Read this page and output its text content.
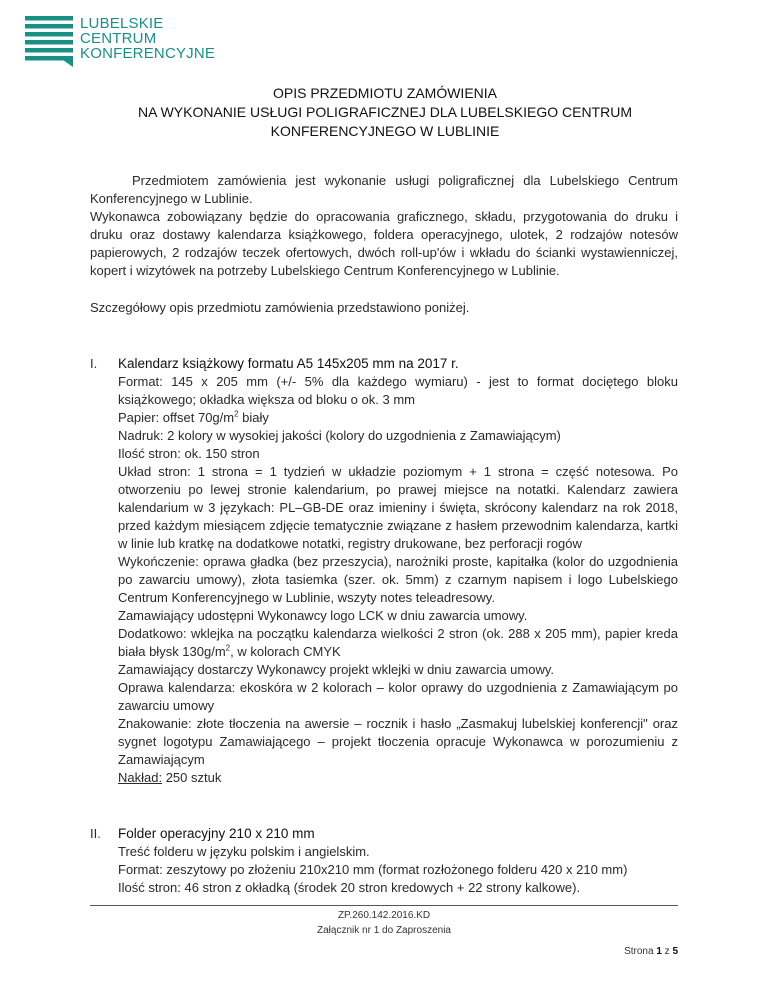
LUBELSKIE
CENTRUM
KONFERENCYJNE
OPIS PRZEDMIOTU ZAMÓWIENIA
NA WYKONANIE USŁUGI POLIGRAFICZNEJ DLA LUBELSKIEGO CENTRUM
KONFERENCYJNEGO W LUBLINIE

Przedmiotem zamówienia jest wykonanie usługi poligraficznej dla Lubelskiego Centrum Konferencyjnego w Lublinie.

Wykonawca zobowiązany będzie do opracowania graficznego, składu, przygotowania do druku i druku oraz dostawy kalendarza książkowego, foldera operacyjnego, ulotek, 2 rodzajów notesów papierowych, 2 rodzajów teczek ofertowych, dwóch roll-up'ów i wkładu do ścianki wystawienniczej, kopert i wizytówek na potrzeby Lubelskiego Centrum Konferencyjnego w Lublinie.

Szczegółowy opis przedmiotu zamówienia przedstawiono poniżej.

I. Kalendarz książkowy formatu A5 145x205 mm na 2017 r.

Format: 145 x 205 mm (+/- 5% dla każdego wymiaru) - jest to format dociętego bloku książkowego; okładka większa od bloku o ok. 3 mm

Papier: offset $70g/m^2$ biały

Nadruk: 2 kolory w wysokiej jakości (kolory do uzgodnienia z Zamawiającym)

Ilość stron: ok. 150 stron

Układ stron: 1 strona = 1 tydzień w układzie poziomym + 1 strona = część notesowa. Po otworzeniu po lewej stronie kalendarium, po prawej miejsce na notatki. Kalendarz zawiera kalendarium w 3 językach: PL–GB-DE oraz imieniny i święta, skrócony kalendarz na rok 2018, przed każdym miesiącem zdjęcie tematycznie związane z hasłem przewodnim kalendarza, kartki w linie lub kratkę na dodatkowe notatki, registry drukowane, bez perforacji rogów

Wykończenie: oprawa gładka (bez przeszycia), narożniki proste, kapitałka (kolor do uzgodnienia po zawarciu umowy), złota tasiemka (szer. ok. 5mm) z czarnym napisem i logo Lubelskiego Centrum Konferencyjnego w Lublinie, wszyty notes teleadresowy.

Zamawiający udostępni Wykonawcy logo LCK w dniu zawarcia umowy.

Dodatkowo: wklejka na początku kalendarza wielkości 2 stron (ok. 288 x 205 mm), papier kreda biała błysk $130g/m^2$, w kolorach CMYK

Zamawiający dostarczy Wykonawcy projekt wklejki w dniu zawarcia umowy.

Oprawa kalendarza: ekoskóra w 2 kolorach – kolor oprawy do uzgodnienia z Zamawiającym po zawarciu umowy

Znakowanie: złote tłoczenia na awersie – rocznik i hasło „Zasmakuj lubelskiej konferencji" oraz sygnet logotypu Zamawiającego – projekt tłoczenia opracuje Wykonawca w porozumieniu z Zamawiającym

Nakład: 250 sztuk

II. Folder operacyjny 210 x 210 mm

Treść folderu w języku polskim i angielskim.

Format: zeszytowy po złożeniu 210x210 mm (format rozłożonego folderu 420 x 210 mm)

Ilość stron: 46 stron z okładką (środek 20 stron kredowych + 22 strony kalkowe).

ZP.260.142.2016.KD
Załącznik nr 1 do Zaproszenia
Strona 1 z 5
